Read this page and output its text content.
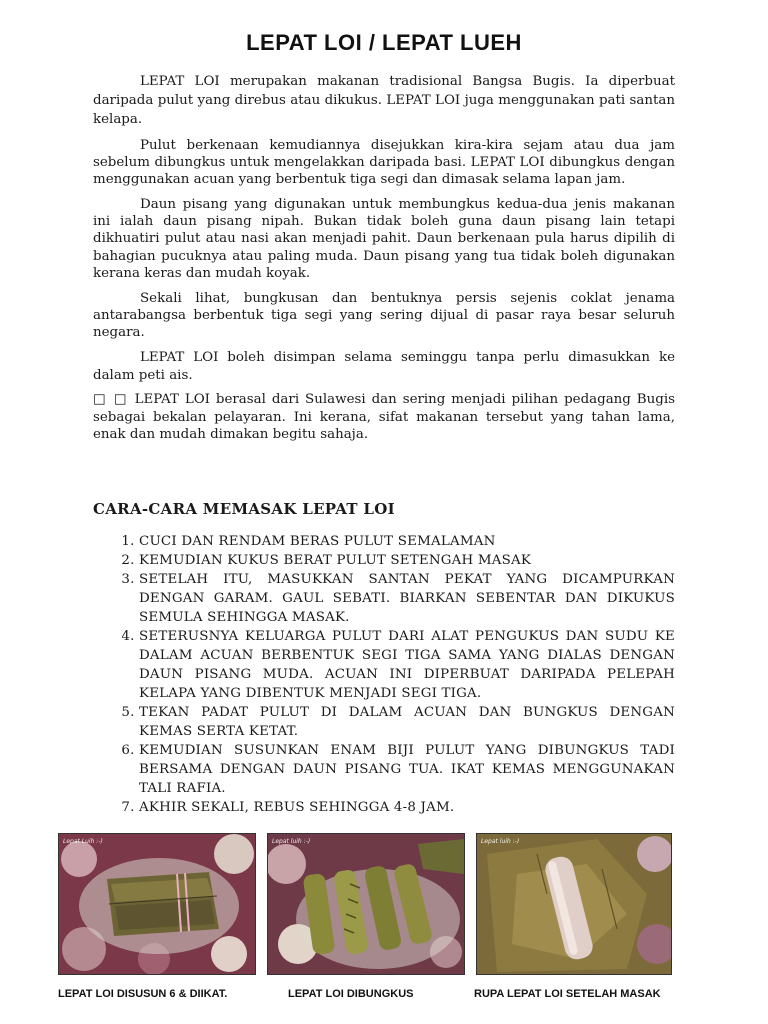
LEPAT LOI / LEPAT LUEH

LEPAT LOI merupakan makanan tradisional Bangsa Bugis. Ia diperbuat daripada pulut yang direbus atau dikukus. LEPAT LOI juga menggunakan pati santan kelapa.

Pulut berkenaan kemudiannya disejukkan kira-kira sejam atau dua jam sebelum dibungkus untuk mengelakkan daripada basi. LEPAT LOI dibungkus dengan menggunakan acuan yang berbentuk tiga segi dan dimasak selama lapan jam.

Daun pisang yang digunakan untuk membungkus kedua-dua jenis makanan ini ialah daun pisang nipah. Bukan tidak boleh guna daun pisang lain tetapi dikhuatiri pulut atau nasi akan menjadi pahit. Daun berkenaan pula harus dipilih di bahagian pucuknya atau paling muda. Daun pisang yang tua tidak boleh digunakan kerana keras dan mudah koyak.

Sekali lihat, bungkusan dan bentuknya persis sejenis coklat jenama antarabangsa berbentuk tiga segi yang sering dijual di pasar raya besar seluruh negara.

LEPAT LOI boleh disimpan selama seminggu tanpa perlu dimasukkan ke dalam peti ais.

□ □ LEPAT LOI berasal dari Sulawesi dan sering menjadi pilihan pedagang Bugis sebagai bekalan pelayaran. Ini kerana, sifat makanan tersebut yang tahan lama, enak dan mudah dimakan begitu sahaja.

CARA-CARA MEMASAK LEPAT LOI
1. CUCI DAN RENDAM BERAS PULUT SEMALAMAN
2. KEMUDIAN KUKUS BERAT PULUT SETENGAH MASAK
3. SETELAH ITU, MASUKKAN SANTAN PEKAT YANG DICAMPURKAN DENGAN GARAM. GAUL SEBATI. BIARKAN SEBENTAR DAN DIKUKUS SEMULA SEHINGGA MASAK.
4. SETERUSNYA KELUARGA PULUT DARI ALAT PENGUKUS DAN SUDU KE DALAM ACUAN BERBENTUK SEGI TIGA SAMA YANG DIALAS DENGAN DAUN PISANG MUDA. ACUAN INI DIPERBUAT DARIPADA PELEPAH KELAPA YANG DIBENTUK MENJADI SEGI TIGA.
5. TEKAN PADAT PULUT DI DALAM ACUAN DAN BUNGKUS DENGAN KEMAS SERTA KETAT.
6. KEMUDIAN SUSUNKAN ENAM BIJI PULUT YANG DIBUNGKUS TADI BERSAMA DENGAN DAUN PISANG TUA. IKAT KEMAS MENGGUNAKAN TALI RAFIA.
7. AKHIR SEKALI, REBUS SEHINGGA 4-8 JAM.
Lepat Luih :-)	Lepat luih :-)	Lepat luih :-)
LEPAT LOI DISUSUN 6 & DIIKAT.	LEPAT LOI DIBUNGKUS	RUPA LEPAT LOI SETELAH MASAK
